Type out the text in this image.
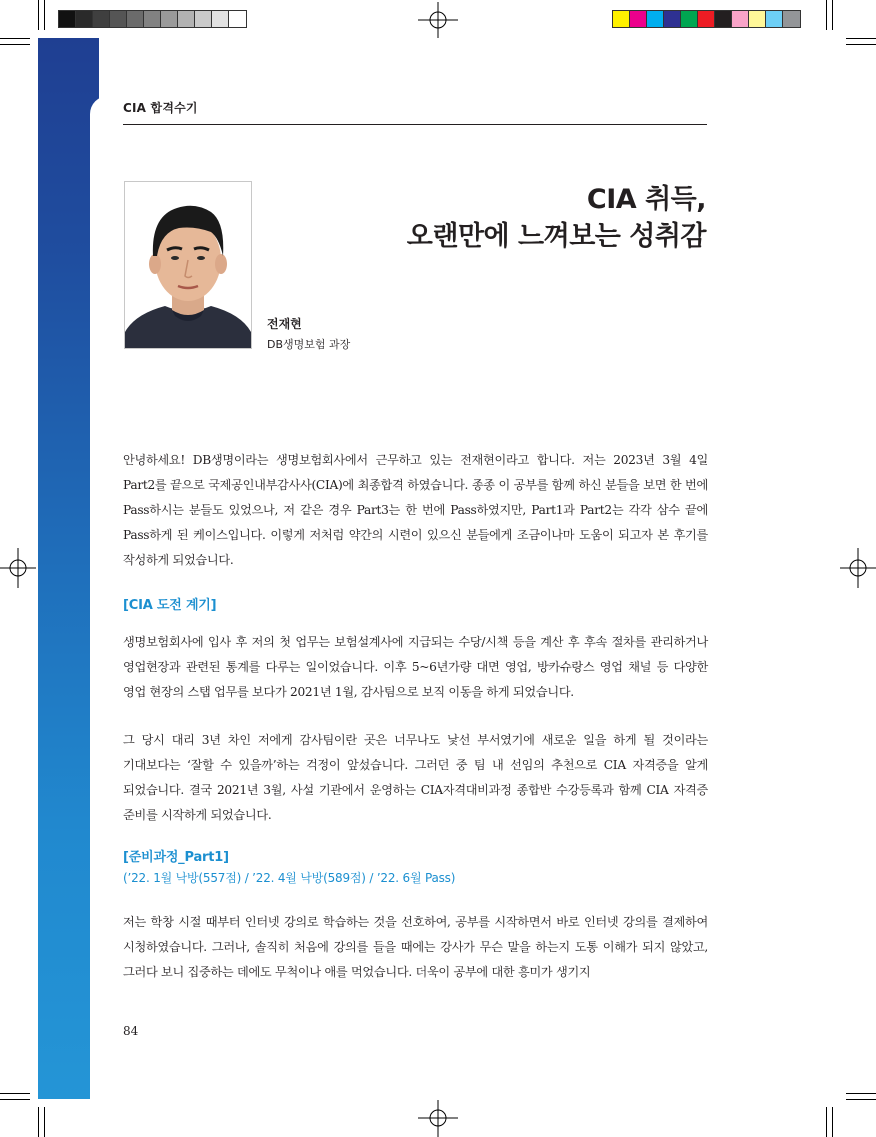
CIA 합격수기
전재현
DB생명보험 과장
CIA 취득,
오랜만에 느껴보는 성취감

안녕하세요! DB생명이라는 생명보험회사에서 근무하고 있는 전재현이라고 합니다. 저는 2023년 3월 4일 Part2를 끝으로 국제공인내부감사사(CIA)에 최종합격 하였습니다. 종종 이 공부를 함께 하신 분들을 보면 한 번에 Pass하시는 분들도 있었으나, 저 같은 경우 Part3는 한 번에 Pass하였지만, Part1과 Part2는 각각 삼수 끝에 Pass하게 된 케이스입니다. 이렇게 저처럼 약간의 시련이 있으신 분들에게 조금이나마 도움이 되고자 본 후기를 작성하게 되었습니다.

[CIA 도전 계기]

생명보험회사에 입사 후 저의 첫 업무는 보험설계사에 지급되는 수당/시책 등을 계산 후 후속 절차를 관리하거나 영업현장과 관련된 통계를 다루는 일이었습니다. 이후 5~6년가량 대면 영업, 방카슈랑스 영업 채널 등 다양한 영업 현장의 스탭 업무를 보다가 2021년 1월, 감사팀으로 보직 이동을 하게 되었습니다.

그 당시 대리 3년 차인 저에게 감사팀이란 곳은 너무나도 낯선 부서였기에 새로운 일을 하게 될 것이라는 기대보다는 ‘잘할 수 있을까’하는 걱정이 앞섰습니다. 그러던 중 팀 내 선임의 추천으로 CIA 자격증을 알게 되었습니다. 결국 2021년 3월, 사설 기관에서 운영하는 CIA자격대비과정 종합반 수강등록과 함께 CIA 자격증 준비를 시작하게 되었습니다.

[준비과정_Part1]
(’22. 1월 낙방(557점) / ’22. 4월 낙방(589점) / ’22. 6월 Pass)

저는 학창 시절 때부터 인터넷 강의로 학습하는 것을 선호하여, 공부를 시작하면서 바로 인터넷 강의를 결제하여 시청하였습니다. 그러나, 솔직히 처음에 강의를 들을 때에는 강사가 무슨 말을 하는지 도통 이해가 되지 않았고, 그러다 보니 집중하는 데에도 무척이나 애를 먹었습니다. 더욱이 공부에 대한 흥미가 생기지

84
